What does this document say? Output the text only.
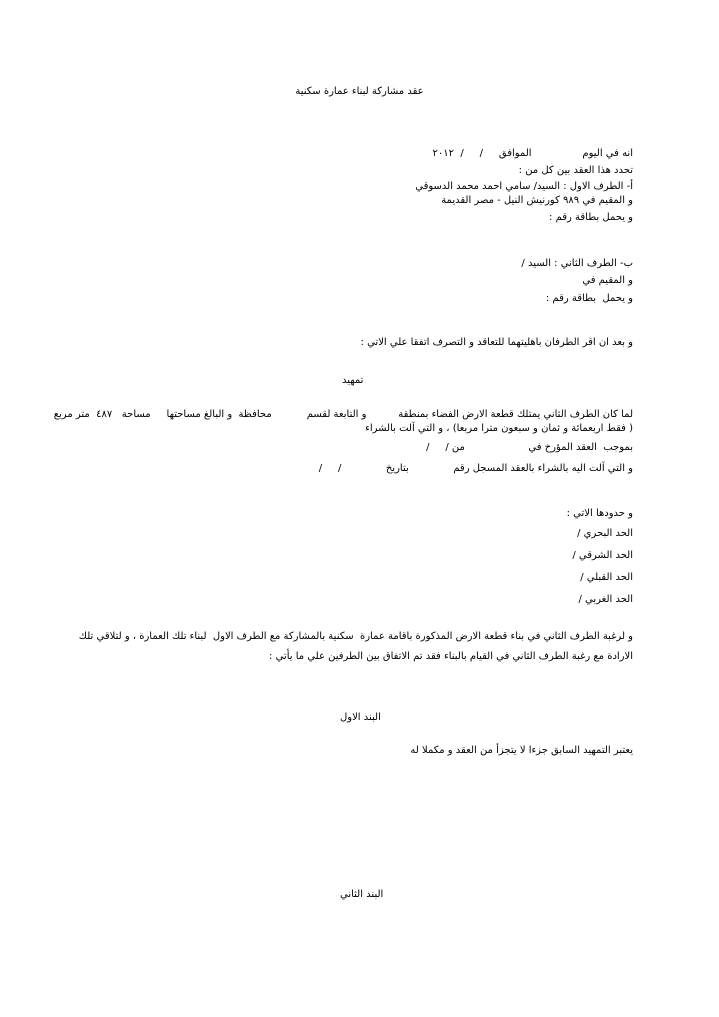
عقد مشاركة لبناء عمارة سكنية
انه في اليوم                الموافق     /     /  ٢٠١٢
تحدد هذا العقد بين كل من :
أ- الطرف الاول : السيد/ سامي احمد محمد الدسوقي
و المقيم في ٩٨٩ كورنيش النيل - مصر القديمة
و يحمل بطاقة رقم :
ب- الطرف الثاني : السيد /
و المقيم في
و يحمل  بطاقة رقم :
و بعد ان اقر الطرفان باهليتهما للتعاقد و التصرف اتفقا علي الاتي :
تمهيد
لما كان الطرف الثاني يمتلك قطعة الارض الفضاء بمنطقة          و التابعة لقسم           محافظة  و البالغ مساحتها     مساحة   ٤٨٧  متر مربع
( فقط اربعمائة و ثمان و سبعون مترا مربعا) ، و التي آلت بالشراء
بموجب  العقد المؤرخ في                    من /     /
و التي آلت اليه بالشراء بالعقد المسجل رقم              بتاريخ              /     /
و حدودها الاتي :
الحد البحري /
الحد الشرقي /
الحد القبلي /
الحد الغربي /
و لرغبة الطرف الثاني في بناء قطعة الارض المذكورة باقامة عمارة  سكنية بالمشاركة مع الطرف الاول  لبناء تلك العمارة ، و لتلاقي تلك
الارادة مع رغبة الطرف الثاني في القيام بالبناء فقد تم الاتفاق بين الطرفين علي ما يأتي :
البند الاول
يعتبر التمهيد السابق جزءا لا يتجزأ من العقد و مكملا له
البند الثاني
